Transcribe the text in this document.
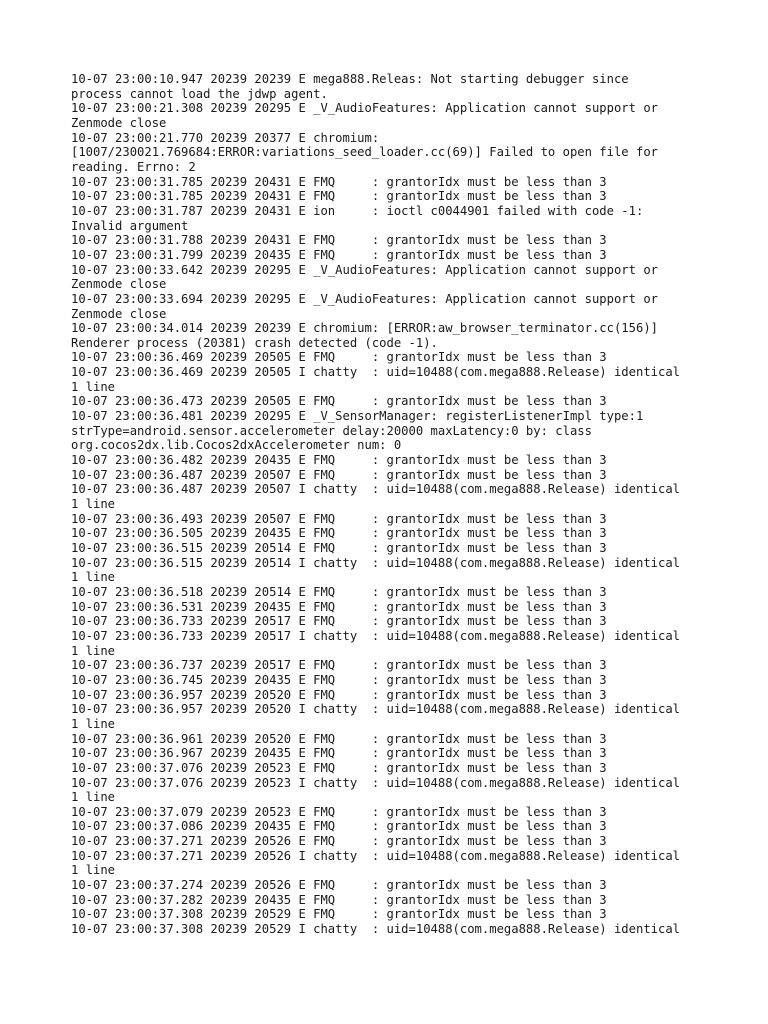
10-07 23:00:10.947 20239 20239 E mega888.Releas: Not starting debugger since
process cannot load the jdwp agent.
10-07 23:00:21.308 20239 20295 E _V_AudioFeatures: Application cannot support or
Zenmode close
10-07 23:00:21.770 20239 20377 E chromium:
[1007/230021.769684:ERROR:variations_seed_loader.cc(69)] Failed to open file for
reading. Errno: 2
10-07 23:00:31.785 20239 20431 E FMQ     : grantorIdx must be less than 3
10-07 23:00:31.785 20239 20431 E FMQ     : grantorIdx must be less than 3
10-07 23:00:31.787 20239 20431 E ion     : ioctl c0044901 failed with code -1:
Invalid argument
10-07 23:00:31.788 20239 20431 E FMQ     : grantorIdx must be less than 3
10-07 23:00:31.799 20239 20435 E FMQ     : grantorIdx must be less than 3
10-07 23:00:33.642 20239 20295 E _V_AudioFeatures: Application cannot support or
Zenmode close
10-07 23:00:33.694 20239 20295 E _V_AudioFeatures: Application cannot support or
Zenmode close
10-07 23:00:34.014 20239 20239 E chromium: [ERROR:aw_browser_terminator.cc(156)]
Renderer process (20381) crash detected (code -1).
10-07 23:00:36.469 20239 20505 E FMQ     : grantorIdx must be less than 3
10-07 23:00:36.469 20239 20505 I chatty  : uid=10488(com.mega888.Release) identical
1 line
10-07 23:00:36.473 20239 20505 E FMQ     : grantorIdx must be less than 3
10-07 23:00:36.481 20239 20295 E _V_SensorManager: registerListenerImpl type:1
strType=android.sensor.accelerometer delay:20000 maxLatency:0 by: class
org.cocos2dx.lib.Cocos2dxAccelerometer num: 0
10-07 23:00:36.482 20239 20435 E FMQ     : grantorIdx must be less than 3
10-07 23:00:36.487 20239 20507 E FMQ     : grantorIdx must be less than 3
10-07 23:00:36.487 20239 20507 I chatty  : uid=10488(com.mega888.Release) identical
1 line
10-07 23:00:36.493 20239 20507 E FMQ     : grantorIdx must be less than 3
10-07 23:00:36.505 20239 20435 E FMQ     : grantorIdx must be less than 3
10-07 23:00:36.515 20239 20514 E FMQ     : grantorIdx must be less than 3
10-07 23:00:36.515 20239 20514 I chatty  : uid=10488(com.mega888.Release) identical
1 line
10-07 23:00:36.518 20239 20514 E FMQ     : grantorIdx must be less than 3
10-07 23:00:36.531 20239 20435 E FMQ     : grantorIdx must be less than 3
10-07 23:00:36.733 20239 20517 E FMQ     : grantorIdx must be less than 3
10-07 23:00:36.733 20239 20517 I chatty  : uid=10488(com.mega888.Release) identical
1 line
10-07 23:00:36.737 20239 20517 E FMQ     : grantorIdx must be less than 3
10-07 23:00:36.745 20239 20435 E FMQ     : grantorIdx must be less than 3
10-07 23:00:36.957 20239 20520 E FMQ     : grantorIdx must be less than 3
10-07 23:00:36.957 20239 20520 I chatty  : uid=10488(com.mega888.Release) identical
1 line
10-07 23:00:36.961 20239 20520 E FMQ     : grantorIdx must be less than 3
10-07 23:00:36.967 20239 20435 E FMQ     : grantorIdx must be less than 3
10-07 23:00:37.076 20239 20523 E FMQ     : grantorIdx must be less than 3
10-07 23:00:37.076 20239 20523 I chatty  : uid=10488(com.mega888.Release) identical
1 line
10-07 23:00:37.079 20239 20523 E FMQ     : grantorIdx must be less than 3
10-07 23:00:37.086 20239 20435 E FMQ     : grantorIdx must be less than 3
10-07 23:00:37.271 20239 20526 E FMQ     : grantorIdx must be less than 3
10-07 23:00:37.271 20239 20526 I chatty  : uid=10488(com.mega888.Release) identical
1 line
10-07 23:00:37.274 20239 20526 E FMQ     : grantorIdx must be less than 3
10-07 23:00:37.282 20239 20435 E FMQ     : grantorIdx must be less than 3
10-07 23:00:37.308 20239 20529 E FMQ     : grantorIdx must be less than 3
10-07 23:00:37.308 20239 20529 I chatty  : uid=10488(com.mega888.Release) identical
